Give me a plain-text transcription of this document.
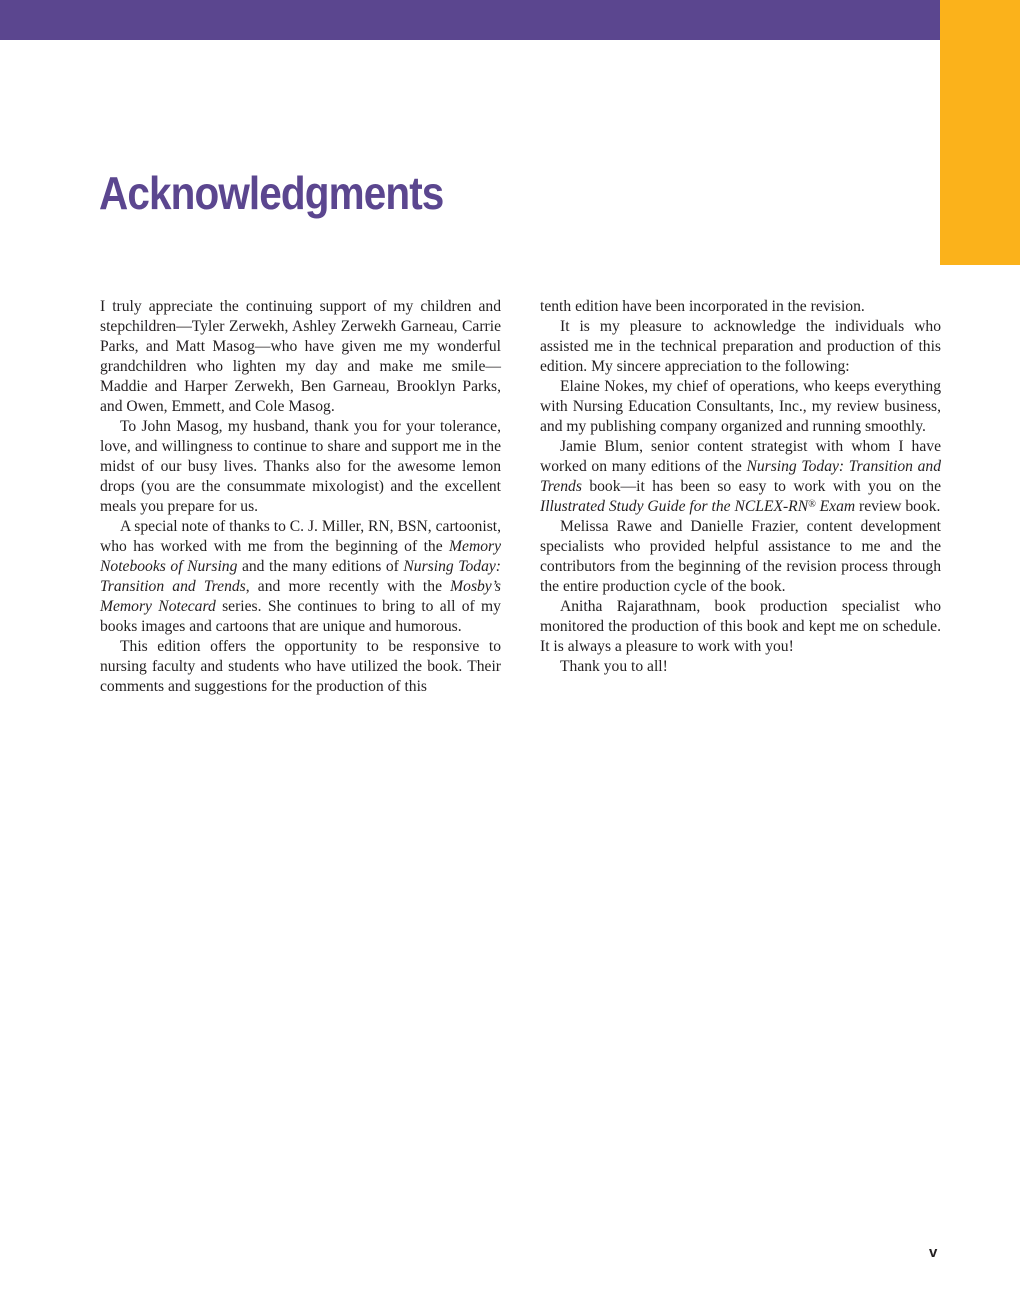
Acknowledgments

I truly appreciate the continuing support of my children and stepchildren—Tyler Zerwekh, Ashley Zerwekh Garneau, Carrie Parks, and Matt Masog—who have given me my wonderful grandchildren who lighten my day and make me smile—Maddie and Harper Zerwekh, Ben Garneau, Brooklyn Parks, and Owen, Emmett, and Cole Masog.

To John Masog, my husband, thank you for your tolerance, love, and willingness to continue to share and support me in the midst of our busy lives. Thanks also for the awesome lemon drops (you are the consummate mixologist) and the excellent meals you prepare for us.

A special note of thanks to C. J. Miller, RN, BSN, cartoonist, who has worked with me from the beginning of the Memory Notebooks of Nursing and the many editions of Nursing Today: Transition and Trends, and more recently with the Mosby’s Memory Notecard series. She continues to bring to all of my books images and cartoons that are unique and humorous.

This edition offers the opportunity to be responsive to nursing faculty and students who have utilized the book. Their comments and suggestions for the production of this

tenth edition have been incorporated in the revision.

It is my pleasure to acknowledge the individuals who assisted me in the technical preparation and production of this edition. My sincere appreciation to the following:

Elaine Nokes, my chief of operations, who keeps everything with Nursing Education Consultants, Inc., my review business, and my publishing company organized and running smoothly.

Jamie Blum, senior content strategist with whom I have worked on many editions of the Nursing Today: Transition and Trends book—it has been so easy to work with you on the Illustrated Study Guide for the NCLEX-RN® Exam review book.

Melissa Rawe and Danielle Frazier, content development specialists who provided helpful assistance to me and the contributors from the beginning of the revision process through the entire production cycle of the book.

Anitha Rajarathnam, book production specialist who monitored the production of this book and kept me on schedule. It is always a pleasure to work with you!

Thank you to all!

v
